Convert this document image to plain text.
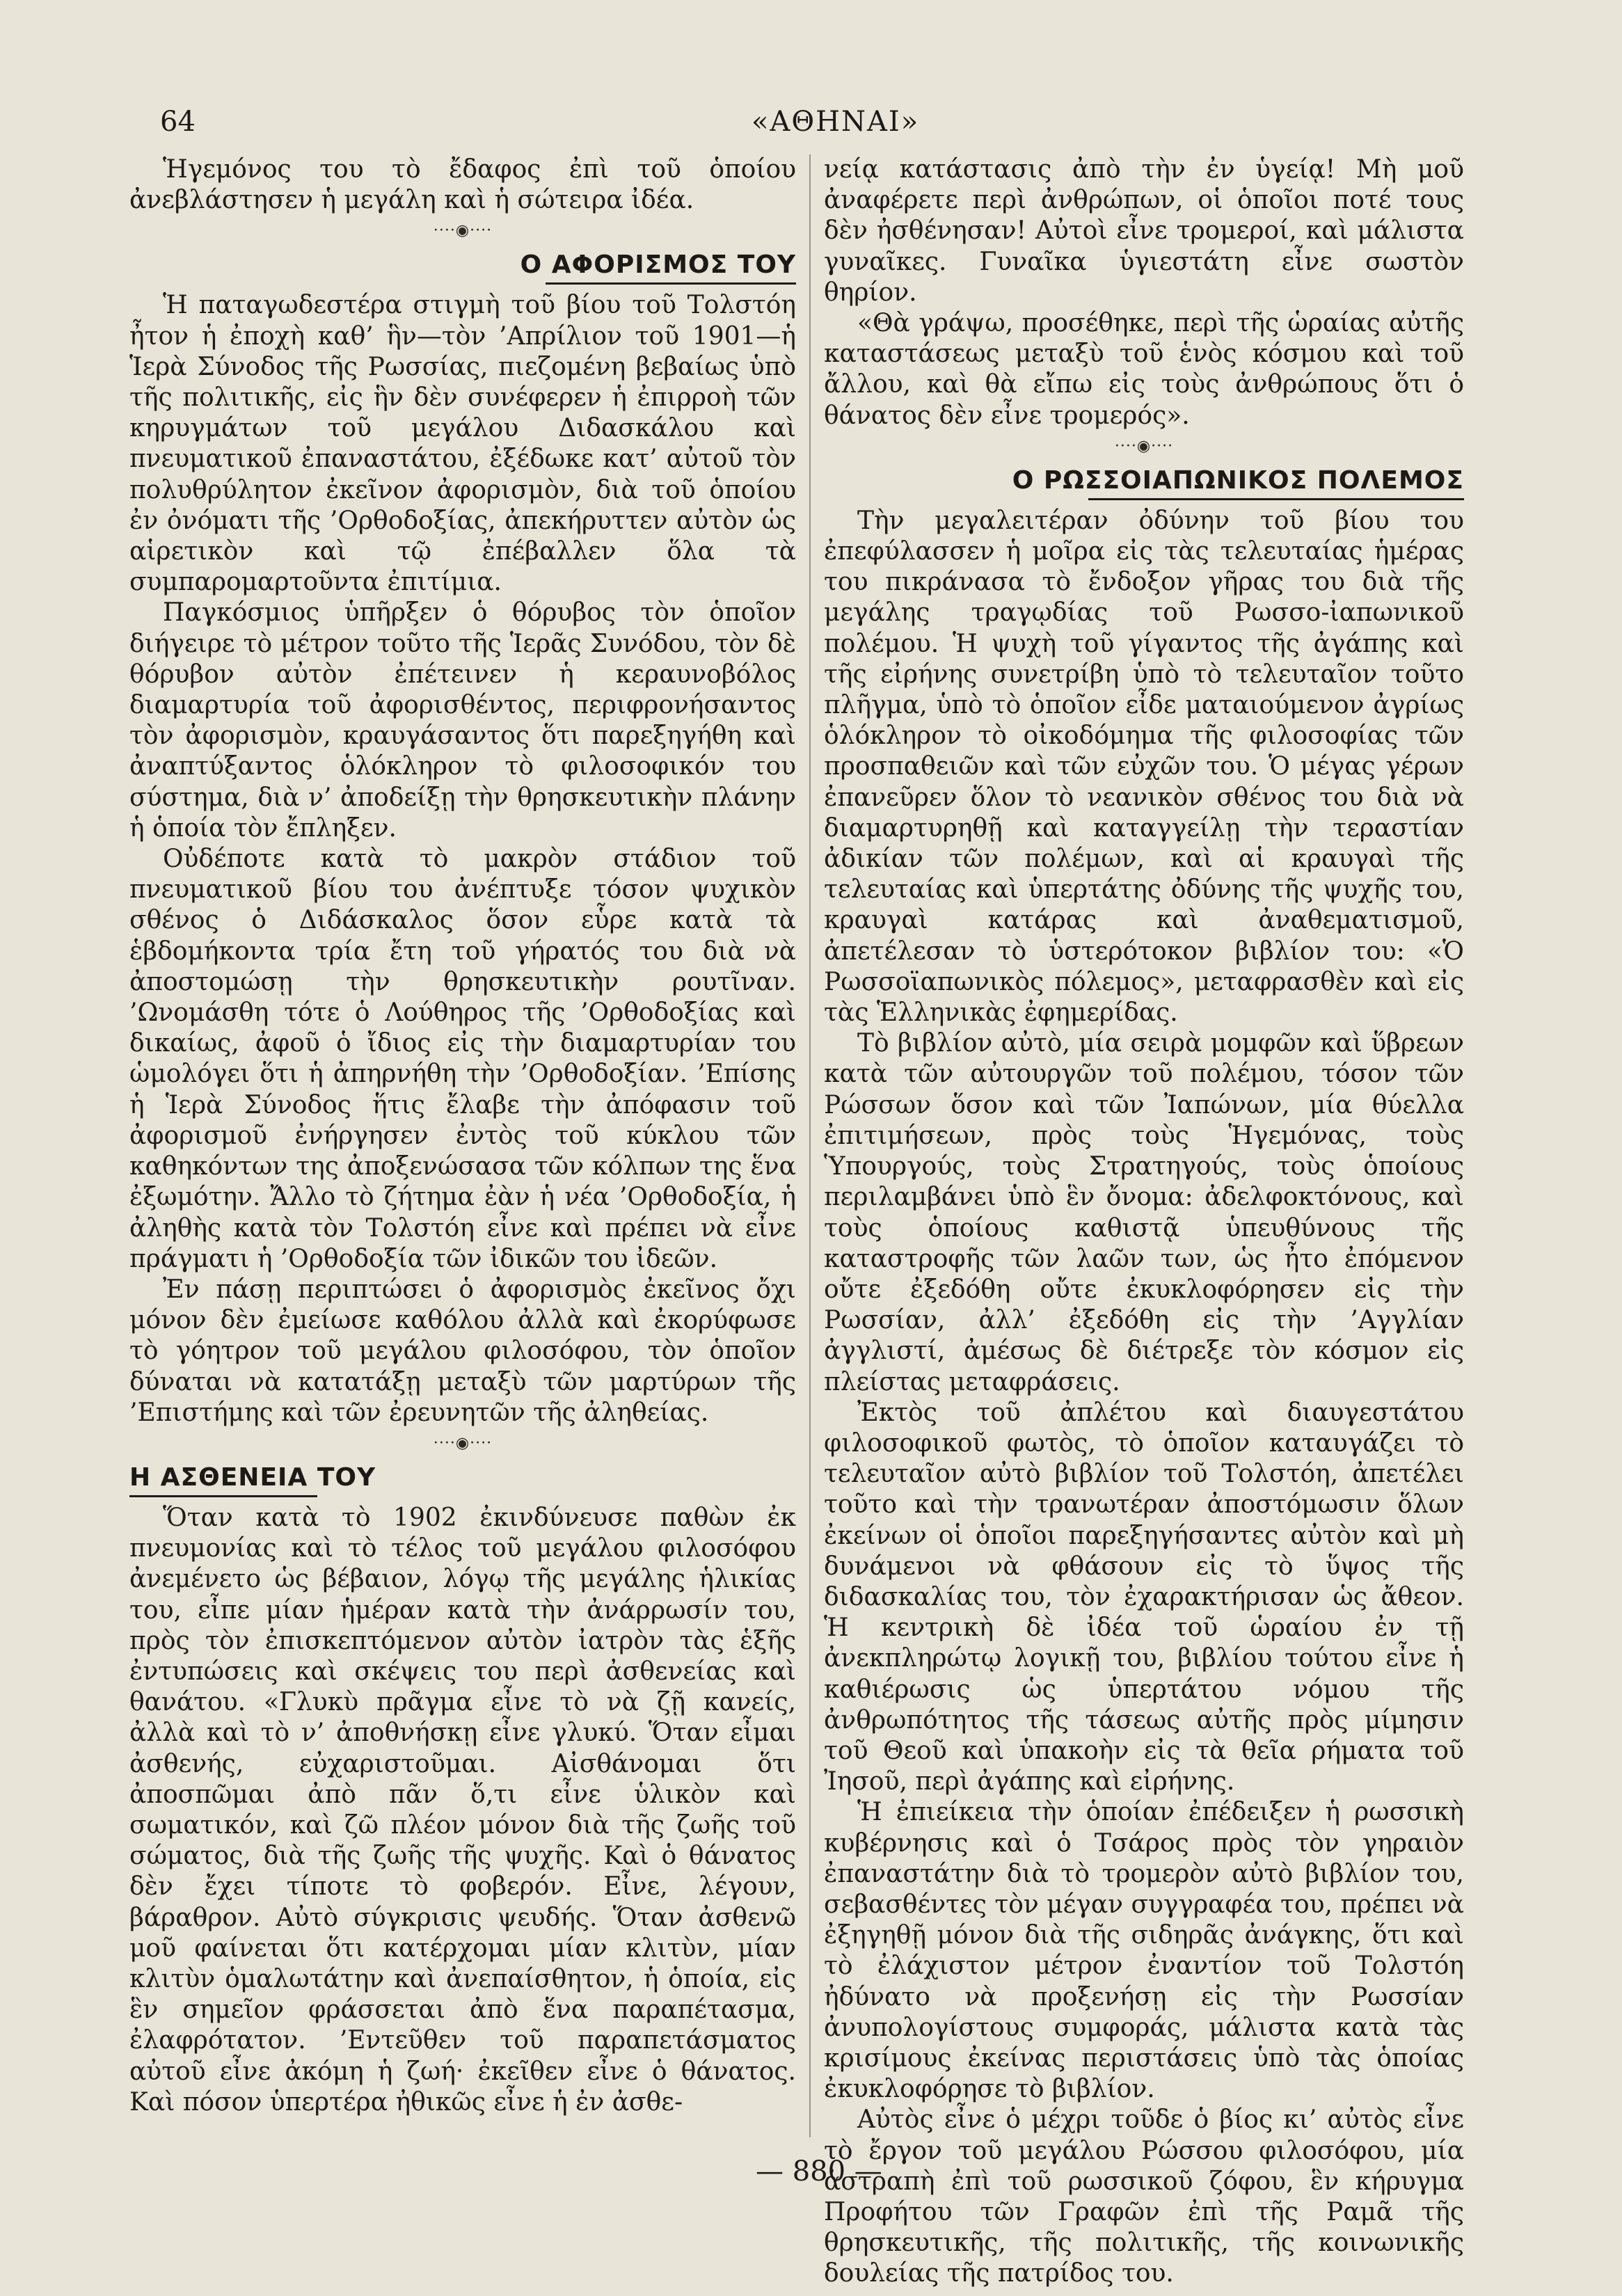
64	«ΑΘΗΝΑΙ»

Ἡγεμόνος του τὸ ἔδαφος ἐπὶ τοῦ ὁποίου ἀνεβλάστησεν ἡ μεγάλη καὶ ἡ σώτειρα ἰδέα.

····◉····
Ο ΑΦΟΡΙΣΜΟΣ ΤΟΥ

Ἡ παταγωδεστέρα στιγμὴ τοῦ βίου τοῦ Τολστόη ἦτον ἡ ἐποχὴ καθ’ ἣν—τὸν ’Απρίλιον τοῦ 1901—ἡ Ἱερὰ Σύνοδος τῆς Ρωσσίας, πιεζομένη βεβαίως ὑπὸ τῆς πολιτικῆς, εἰς ἣν δὲν συνέφερεν ἡ ἐπιρροὴ τῶν κηρυγμάτων τοῦ μεγάλου Διδασκάλου καὶ πνευματικοῦ ἐπαναστάτου, ἐξέδωκε κατ’ αὐτοῦ τὸν πολυθρύλητον ἐκεῖνον ἀφορισμὸν, διὰ τοῦ ὁποίου ἐν ὀνόματι τῆς ’Ορθοδοξίας, ἀπεκήρυττεν αὐτὸν ὡς αἱρετικὸν καὶ τῷ ἐπέβαλλεν ὅλα τὰ συμπαρομαρτοῦντα ἐπιτίμια.

Παγκόσμιος ὑπῆρξεν ὁ θόρυβος τὸν ὁποῖον διήγειρε τὸ μέτρον τοῦτο τῆς Ἱερᾶς Συνόδου, τὸν δὲ θόρυβον αὐτὸν ἐπέτεινεν ἡ κεραυνοβόλος διαμαρτυρία τοῦ ἀφορισθέντος, περιφρονήσαντος τὸν ἀφορισμὸν, κραυγάσαντος ὅτι παρεξηγήθη καὶ ἀναπτύξαντος ὁλόκληρον τὸ φιλοσοφικόν του σύστημα, διὰ ν’ ἀποδείξῃ τὴν θρησκευτικὴν πλάνην ἡ ὁποία τὸν ἔπληξεν.

Οὐδέποτε κατὰ τὸ μακρὸν στάδιον τοῦ πνευματικοῦ βίου του ἀνέπτυξε τόσον ψυχικὸν σθένος ὁ Διδάσκαλος ὅσον εὗρε κατὰ τὰ ἑβδομήκοντα τρία ἔτη τοῦ γήρατός του διὰ νὰ ἀποστομώσῃ τὴν θρησκευτικὴν ρουτῖναν. ’Ωνομάσθη τότε ὁ Λούθηρος τῆς ’Ορθοδοξίας καὶ δικαίως, ἀφοῦ ὁ ἴδιος εἰς τὴν διαμαρτυρίαν του ὡμολόγει ὅτι ἡ ἀπηρνήθη τὴν ’Ορθοδοξίαν. ’Επίσης ἡ Ἱερὰ Σύνοδος ἥτις ἔλαβε τὴν ἀπόφασιν τοῦ ἀφορισμοῦ ἐνήργησεν ἐντὸς τοῦ κύκλου τῶν καθηκόντων της ἀποξενώσασα τῶν κόλπων της ἕνα ἐξωμότην. Ἄλλο τὸ ζήτημα ἐὰν ἡ νέα ’Ορθοδοξία, ἡ ἀληθὴς κατὰ τὸν Τολστόη εἶνε καὶ πρέπει νὰ εἶνε πράγματι ἡ ’Ορθοδοξία τῶν ἰδικῶν του ἰδεῶν.

Ἐν πάσῃ περιπτώσει ὁ ἀφορισμὸς ἐκεῖνος ὄχι μόνον δὲν ἐμείωσε καθόλου ἀλλὰ καὶ ἐκορύφωσε τὸ γόητρον τοῦ μεγάλου φιλοσόφου, τὸν ὁποῖον δύναται νὰ κατατάξῃ μεταξὺ τῶν μαρτύρων τῆς ’Επιστήμης καὶ τῶν ἐρευνητῶν τῆς ἀληθείας.

····◉····
Η ΑΣΘΕΝΕΙΑ ΤΟΥ

Ὅταν κατὰ τὸ 1902 ἐκινδύνευσε παθὼν ἐκ πνευμονίας καὶ τὸ τέλος τοῦ μεγάλου φιλοσόφου ἀνεμένετο ὡς βέβαιον, λόγῳ τῆς μεγάλης ἡλικίας του, εἶπε μίαν ἡμέραν κατὰ τὴν ἀνάρρωσίν του, πρὸς τὸν ἐπισκεπτόμενον αὐτὸν ἰατρὸν τὰς ἑξῆς ἐντυπώσεις καὶ σκέψεις του περὶ ἀσθενείας καὶ θανάτου. «Γλυκὺ πρᾶγμα εἶνε τὸ νὰ ζῇ κανείς, ἀλλὰ καὶ τὸ ν’ ἀποθνήσκῃ εἶνε γλυκύ. Ὅταν εἶμαι ἀσθενής, εὐχαριστοῦμαι. Αἰσθάνομαι ὅτι ἀποσπῶμαι ἀπὸ πᾶν ὅ,τι εἶνε ὑλικὸν καὶ σωματικόν, καὶ ζῶ πλέον μόνον διὰ τῆς ζωῆς τοῦ σώματος, διὰ τῆς ζωῆς τῆς ψυχῆς. Καὶ ὁ θάνατος δὲν ἔχει τίποτε τὸ φοβερόν. Εἶνε, λέγουν, βάραθρον. Αὐτὸ σύγκρισις ψευδής. Ὅταν ἀσθενῶ μοῦ φαίνεται ὅτι κατέρχομαι μίαν κλιτὺν, μίαν κλιτὺν ὁμαλωτάτην καὶ ἀνεπαίσθητον, ἡ ὁποία, εἰς ἓν σημεῖον φράσσεται ἀπὸ ἕνα παραπέτασμα, ἐλαφρότατον. ’Εντεῦθεν τοῦ παραπετάσματος αὐτοῦ εἶνε ἀκόμη ἡ ζωή· ἐκεῖθεν εἶνε ὁ θάνατος. Καὶ πόσον ὑπερτέρα ἠθικῶς εἶνε ἡ ἐν ἀσθε-

νείᾳ κατάστασις ἀπὸ τὴν ἐν ὑγείᾳ! Μὴ μοῦ ἀναφέρετε περὶ ἀνθρώπων, οἱ ὁποῖοι ποτέ τους δὲν ἠσθένησαν! Αὐτοὶ εἶνε τρομεροί, καὶ μάλιστα γυναῖκες. Γυναῖκα ὑγιεστάτη εἶνε σωστὸν θηρίον.

«Θὰ γράψω, προσέθηκε, περὶ τῆς ὡραίας αὐτῆς καταστάσεως μεταξὺ τοῦ ἑνὸς κόσμου καὶ τοῦ ἄλλου, καὶ θὰ εἴπω εἰς τοὺς ἀνθρώπους ὅτι ὁ θάνατος δὲν εἶνε τρομερός».

····◉····
Ο ΡΩΣΣΟΙΑΠΩΝΙΚΟΣ ΠΟΛΕΜΟΣ

Τὴν μεγαλειτέραν ὀδύνην τοῦ βίου του ἐπεφύλασσεν ἡ μοῖρα εἰς τὰς τελευταίας ἡμέρας του πικράνασα τὸ ἔνδοξον γῆρας του διὰ τῆς μεγάλης τραγῳδίας τοῦ Ρωσσο-ἰαπωνικοῦ πολέμου. Ἡ ψυχὴ τοῦ γίγαντος τῆς ἀγάπης καὶ τῆς εἰρήνης συνετρίβη ὑπὸ τὸ τελευταῖον τοῦτο πλῆγμα, ὑπὸ τὸ ὁποῖον εἶδε ματαιούμενον ἀγρίως ὁλόκληρον τὸ οἰκοδόμημα τῆς φιλοσοφίας τῶν προσπαθειῶν καὶ τῶν εὐχῶν του. Ὁ μέγας γέρων ἐπανεῦρεν ὅλον τὸ νεανικὸν σθένος του διὰ νὰ διαμαρτυρηθῇ καὶ καταγγείλῃ τὴν τεραστίαν ἀδικίαν τῶν πολέμων, καὶ αἱ κραυγαὶ τῆς τελευταίας καὶ ὑπερτάτης ὀδύνης τῆς ψυχῆς του, κραυγαὶ κατάρας καὶ ἀναθεματισμοῦ, ἀπετέλεσαν τὸ ὑστερότοκον βιβλίον του: «Ὁ Ρωσσοϊαπωνικὸς πόλεμος», μεταφρασθὲν καὶ εἰς τὰς Ἑλληνικὰς ἐφημερίδας.

Τὸ βιβλίον αὐτὸ, μία σειρὰ μομφῶν καὶ ὕβρεων κατὰ τῶν αὐτουργῶν τοῦ πολέμου, τόσον τῶν Ρώσσων ὅσον καὶ τῶν Ἰαπώνων, μία θύελλα ἐπιτιμήσεων, πρὸς τοὺς Ἡγεμόνας, τοὺς Ὑπουργούς, τοὺς Στρατηγούς, τοὺς ὁποίους περιλαμβάνει ὑπὸ ἓν ὄνομα: ἀδελφοκτόνους, καὶ τοὺς ὁποίους καθιστᾷ ὑπευθύνους τῆς καταστροφῆς τῶν λαῶν των, ὡς ἦτο ἐπόμενον οὔτε ἐξεδόθη οὔτε ἐκυκλοφόρησεν εἰς τὴν Ρωσσίαν, ἀλλ’ ἐξεδόθη εἰς τὴν ’Αγγλίαν ἀγγλιστί, ἀμέσως δὲ διέτρεξε τὸν κόσμον εἰς πλείστας μεταφράσεις.

Ἐκτὸς τοῦ ἀπλέτου καὶ διαυγεστάτου φιλοσοφικοῦ φωτὸς, τὸ ὁποῖον καταυγάζει τὸ τελευταῖον αὐτὸ βιβλίον τοῦ Τολστόη, ἀπετέλει τοῦτο καὶ τὴν τρανωτέραν ἀποστόμωσιν ὅλων ἐκείνων οἱ ὁποῖοι παρεξηγήσαντες αὐτὸν καὶ μὴ δυνάμενοι νὰ φθάσουν εἰς τὸ ὕψος τῆς διδασκαλίας του, τὸν ἐχαρακτήρισαν ὡς ἄθεον. Ἡ κεντρικὴ δὲ ἰδέα τοῦ ὡραίου ἐν τῇ ἀνεκπληρώτῳ λογικῇ του, βιβλίου τούτου εἶνε ἡ καθιέρωσις ὡς ὑπερτάτου νόμου τῆς ἀνθρωπότητος τῆς τάσεως αὐτῆς πρὸς μίμησιν τοῦ Θεοῦ καὶ ὑπακοὴν εἰς τὰ θεῖα ρήματα τοῦ Ἰησοῦ, περὶ ἀγάπης καὶ εἰρήνης.

Ἡ ἐπιείκεια τὴν ὁποίαν ἐπέδειξεν ἡ ρωσσικὴ κυβέρνησις καὶ ὁ Τσάρος πρὸς τὸν γηραιὸν ἐπαναστάτην διὰ τὸ τρομερὸν αὐτὸ βιβλίον του, σεβασθέντες τὸν μέγαν συγγραφέα του, πρέπει νὰ ἐξηγηθῇ μόνον διὰ τῆς σιδηρᾶς ἀνάγκης, ὅτι καὶ τὸ ἐλάχιστον μέτρον ἐναντίον τοῦ Τολστόη ἠδύνατο νὰ προξενήσῃ εἰς τὴν Ρωσσίαν ἀνυπολογίστους συμφοράς, μάλιστα κατὰ τὰς κρισίμους ἐκείνας περιστάσεις ὑπὸ τὰς ὁποίας ἐκυκλοφόρησε τὸ βιβλίον.

Αὐτὸς εἶνε ὁ μέχρι τοῦδε ὁ βίος κι’ αὐτὸς εἶνε τὸ ἔργον τοῦ μεγάλου Ρώσσου φιλοσόφου, μία ἀστραπὴ ἐπὶ τοῦ ρωσσικοῦ ζόφου, ἓν κήρυγμα Προφήτου τῶν Γραφῶν ἐπὶ τῆς Ραμᾶ τῆς θρησκευτικῆς, τῆς πολιτικῆς, τῆς κοινωνικῆς δουλείας τῆς πατρίδος του.

— 880 —
